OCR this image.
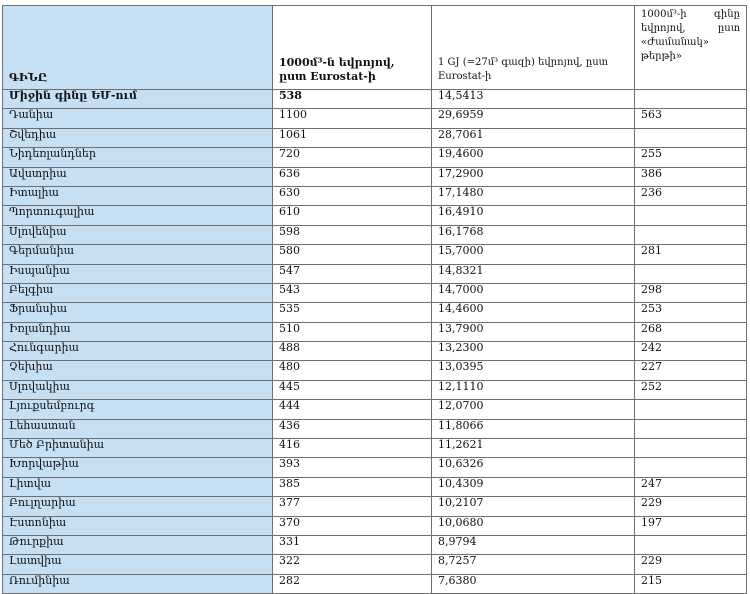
ԳԻՆԸ	1000մ³-ն եվրոյով, ըստ Eurostat-ի	1 GJ (=27մ³ գազի) եվրոյով, ըստ Eurostat-ի	1000մ³-ի գինը եվրոյով, ըստ «Ժամանակ» թերթի»
Միջին գինը ԵՄ-ում	538	14,5413	
Դանիա	1100	29,6959	563
Շվեդիա	1061	28,7061	
Նիդեռլանդներ	720	19,4600	255
Ավստրիա	636	17,2900	386
Իտալիա	630	17,1480	236
Պորտուգալիա	610	16,4910	
Սլովենիա	598	16,1768	
Գերմանիա	580	15,7000	281
Իսպանիա	547	14,8321	
Բելգիա	543	14,7000	298
Ֆրանսիա	535	14,4600	253
Իռլանդիա	510	13,7900	268
Հունգարիա	488	13,2300	242
Չեխիա	480	13,0395	227
Սլովակիա	445	12,1110	252
Լյուքսեմբուրգ	444	12,0700	
Լեհաստան	436	11,8066	
Մեծ Բրիտանիա	416	11,2621	
Խորվաթիա	393	10,6326	
Լիտվա	385	10,4309	247
Բուլղարիա	377	10,2107	229
Էստոնիա	370	10,0680	197
Թուրքիա	331	8,9794	
Լատվիա	322	8,7257	229
Ռումինիա	282	7,6380	215
